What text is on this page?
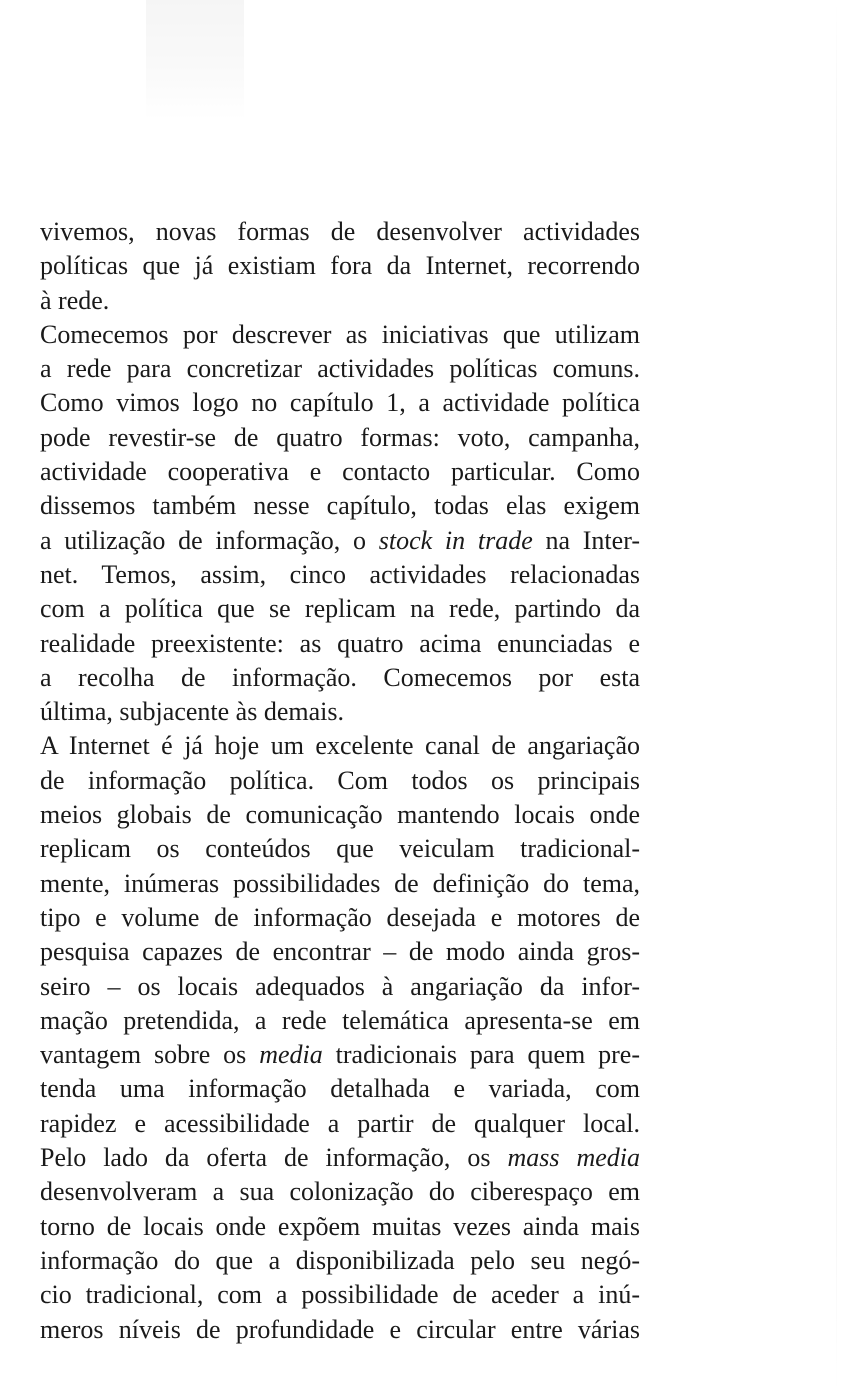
vivemos, novas formas de desenvolver actividades
políticas que já existiam fora da Internet, recorrendo
à rede.
Comecemos por descrever as iniciativas que utilizam
a rede para concretizar actividades políticas comuns.
Como vimos logo no capítulo 1, a actividade política
pode revestir-se de quatro formas: voto, campanha,
actividade cooperativa e contacto particular. Como
dissemos também nesse capítulo, todas elas exigem
a utilização de informação, o stock in trade na Inter-
net. Temos, assim, cinco actividades relacionadas
com a política que se replicam na rede, partindo da
realidade preexistente: as quatro acima enunciadas e
a recolha de informação. Comecemos por esta
última, subjacente às demais.
A Internet é já hoje um excelente canal de angariação
de informação política. Com todos os principais
meios globais de comunicação mantendo locais onde
replicam os conteúdos que veiculam tradicional-
mente, inúmeras possibilidades de definição do tema,
tipo e volume de informação desejada e motores de
pesquisa capazes de encontrar – de modo ainda gros-
seiro – os locais adequados à angariação da infor-
mação pretendida, a rede telemática apresenta-se em
vantagem sobre os media tradicionais para quem pre-
tenda uma informação detalhada e variada, com
rapidez e acessibilidade a partir de qualquer local.
Pelo lado da oferta de informação, os mass media
desenvolveram a sua colonização do ciberespaço em
torno de locais onde expõem muitas vezes ainda mais
informação do que a disponibilizada pelo seu negó-
cio tradicional, com a possibilidade de aceder a inú-
meros níveis de profundidade e circular entre várias
